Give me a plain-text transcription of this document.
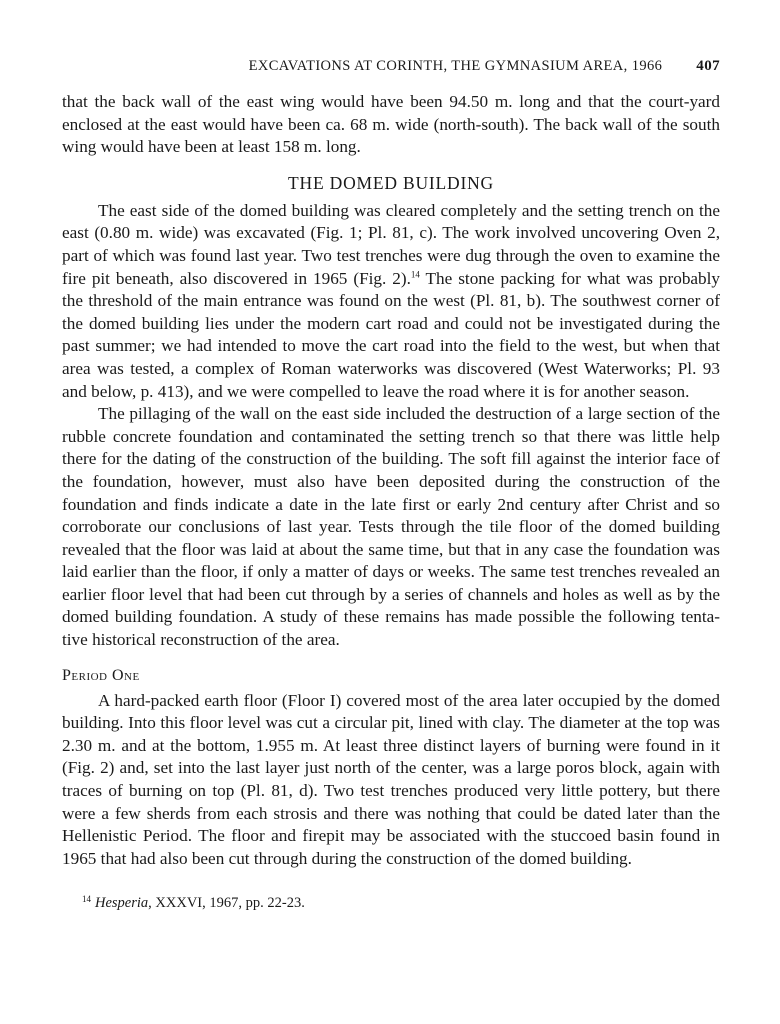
EXCAVATIONS AT CORINTH, THE GYMNASIUM AREA, 1966 407

that the back wall of the east wing would have been 94.50 m. long and that the court-yard enclosed at the east would have been ca. 68 m. wide (north-south). The back wall of the south wing would have been at least 158 m. long.

THE DOMED BUILDING

The east side of the domed building was cleared completely and the setting trench on the east (0.80 m. wide) was excavated (Fig. 1; Pl. 81, c). The work involved uncovering Oven 2, part of which was found last year. Two test trenches were dug through the oven to examine the fire pit beneath, also discovered in 1965 (Fig. 2).$^{14}$ The stone packing for what was probably the threshold of the main entrance was found on the west (Pl. 81, b). The southwest corner of the domed building lies under the modern cart road and could not be investigated during the past summer; we had intended to move the cart road into the field to the west, but when that area was tested, a complex of Roman waterworks was discovered (West Waterworks; Pl. 93 and below, p. 413), and we were compelled to leave the road where it is for another season.

The pillaging of the wall on the east side included the destruction of a large section of the rubble concrete foundation and contaminated the setting trench so that there was little help there for the dating of the construction of the building. The soft fill against the interior face of the foundation, however, must also have been deposited during the construction of the foundation and finds indicate a date in the late first or early 2nd century after Christ and so corroborate our conclusions of last year. Tests through the tile floor of the domed building revealed that the floor was laid at about the same time, but that in any case the foundation was laid earlier than the floor, if only a matter of days or weeks. The same test trenches revealed an earlier floor level that had been cut through by a series of channels and holes as well as by the domed building foundation. A study of these remains has made possible the following tenta-tive historical reconstruction of the area.

Period One

A hard-packed earth floor (Floor I) covered most of the area later occupied by the domed building. Into this floor level was cut a circular pit, lined with clay. The diameter at the top was 2.30 m. and at the bottom, 1.955 m. At least three distinct layers of burning were found in it (Fig. 2) and, set into the last layer just north of the center, was a large poros block, again with traces of burning on top (Pl. 81, d). Two test trenches produced very little pottery, but there were a few sherds from each strosis and there was nothing that could be dated later than the Hellenistic Period. The floor and firepit may be associated with the stuccoed basin found in 1965 that had also been cut through during the construction of the domed building.

$^{14}$ Hesperia, XXXVI, 1967, pp. 22-23.
